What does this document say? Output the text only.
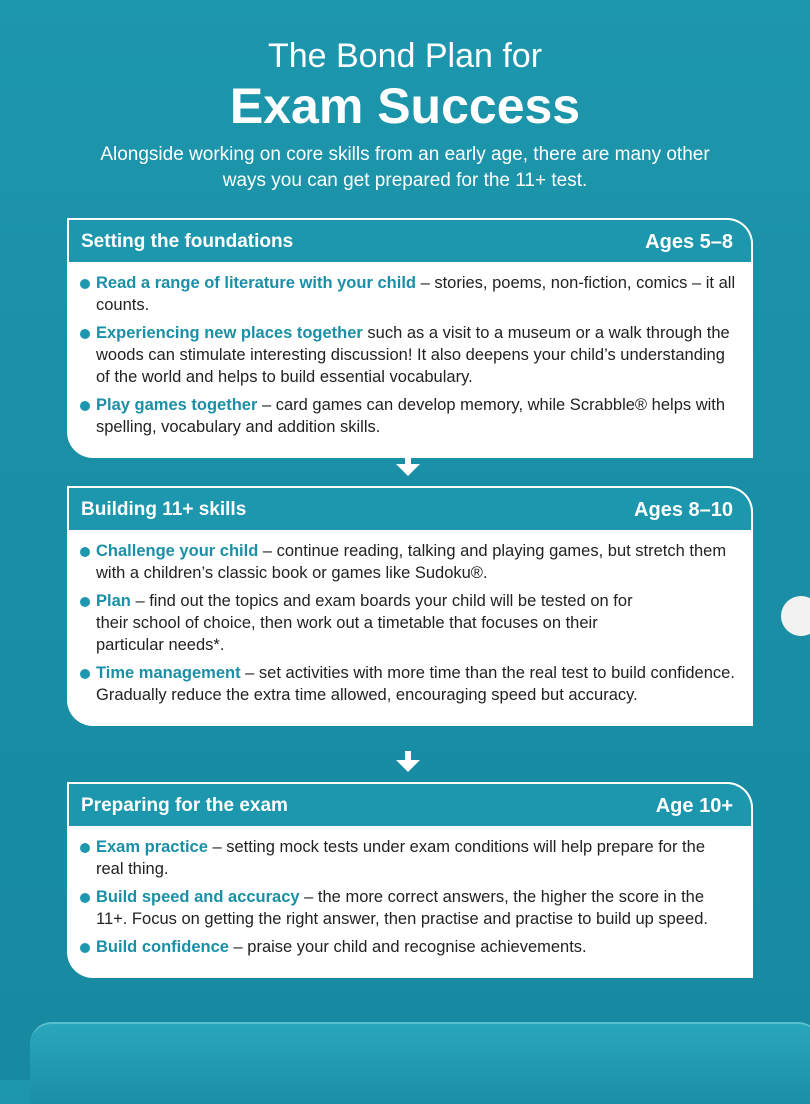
The Bond Plan for
Exam Success
Alongside working on core skills from an early age, there are many other ways you can get prepared for the 11+ test.
Setting the foundations	Ages 5–8
Read a range of literature with your child – stories, poems, non-fiction, comics – it all counts.
Experiencing new places together such as a visit to a museum or a walk through the woods can stimulate interesting discussion! It also deepens your child’s understanding of the world and helps to build essential vocabulary.
Play games together – card games can develop memory, while Scrabble® helps with spelling, vocabulary and addition skills.
Building 11+ skills	Ages 8–10
Challenge your child – continue reading, talking and playing games, but stretch them with a children’s classic book or games like Sudoku®.
Plan – find out the topics and exam boards your child will be tested on for their school of choice, then work out a timetable that focuses on their particular needs*.
Time management – set activities with more time than the real test to build confidence. Gradually reduce the extra time allowed, encouraging speed but accuracy.
Preparing for the exam	Age 10+
Exam practice – setting mock tests under exam conditions will help prepare for the real thing.
Build speed and accuracy – the more correct answers, the higher the score in the 11+. Focus on getting the right answer, then practise and practise to build up speed.
Build confidence – praise your child and recognise achievements.
